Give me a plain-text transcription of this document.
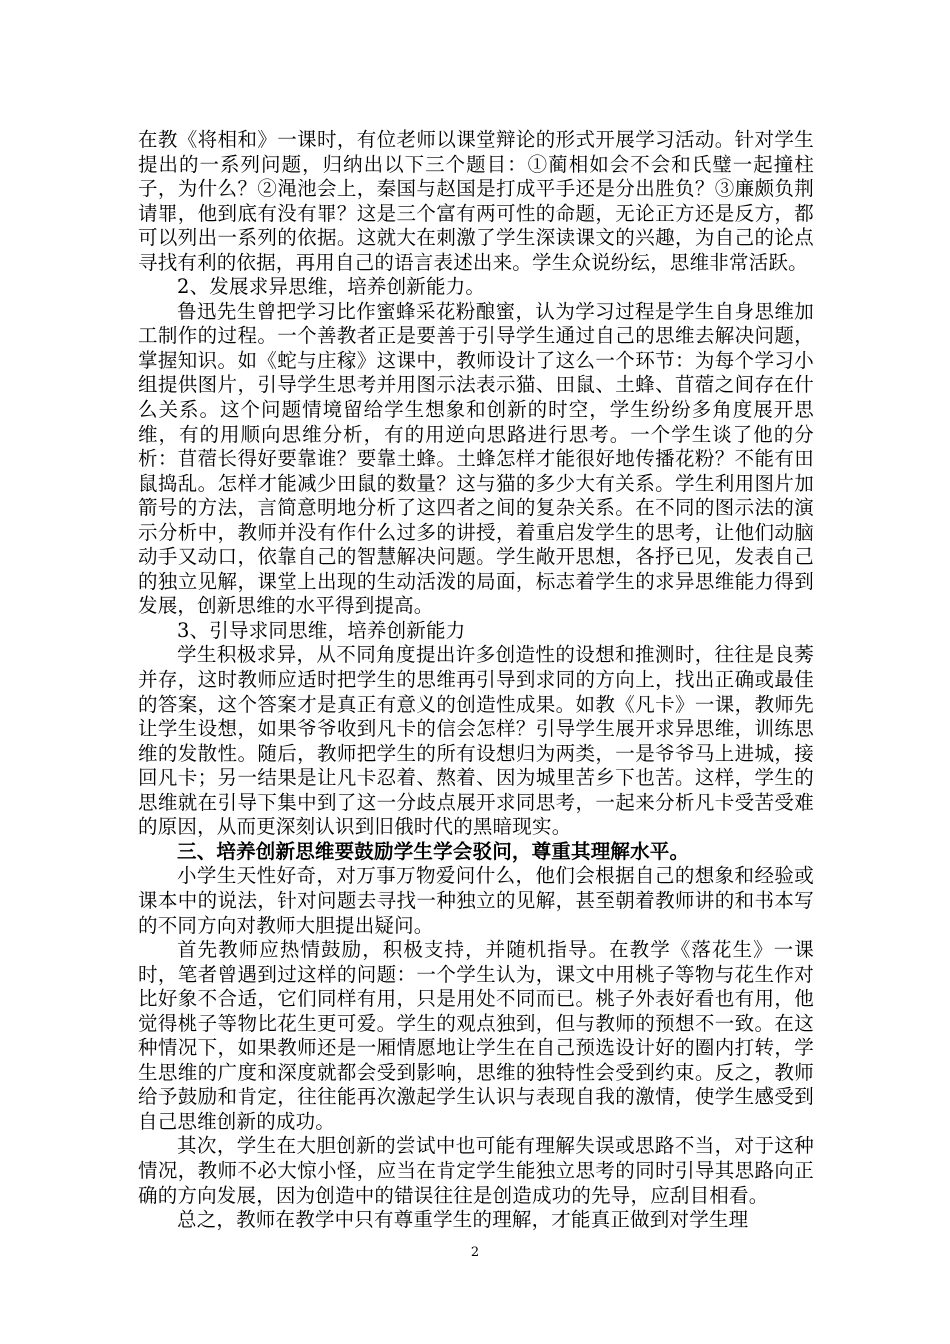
在教《将相和》一课时，有位老师以课堂辩论的形式开展学习活动。针对学生提出的一系列问题，归纳出以下三个题目：①蔺相如会不会和氏璧一起撞柱子，为什么？②渑池会上，秦国与赵国是打成平手还是分出胜负？③廉颇负荆请罪，他到底有没有罪？这是三个富有两可性的命题，无论正方还是反方，都可以列出一系列的依据。这就大在刺激了学生深读课文的兴趣，为自己的论点寻找有利的依据，再用自己的语言表述出来。学生众说纷纭，思维非常活跃。

2、发展求异思维，培养创新能力。

鲁迅先生曾把学习比作蜜蜂采花粉酿蜜，认为学习过程是学生自身思维加工制作的过程。一个善教者正是要善于引导学生通过自己的思维去解决问题，掌握知识。如《蛇与庄稼》这课中，教师设计了这么一个环节：为每个学习小组提供图片，引导学生思考并用图示法表示猫、田鼠、土蜂、苜蓿之间存在什么关系。这个问题情境留给学生想象和创新的时空，学生纷纷多角度展开思维，有的用顺向思维分析，有的用逆向思路进行思考。一个学生谈了他的分析：苜蓿长得好要靠谁？要靠土蜂。土蜂怎样才能很好地传播花粉？不能有田鼠捣乱。怎样才能减少田鼠的数量？这与猫的多少大有关系。学生利用图片加箭号的方法，言简意明地分析了这四者之间的复杂关系。在不同的图示法的演示分析中，教师并没有作什么过多的讲授，着重启发学生的思考，让他们动脑动手又动口，依靠自己的智慧解决问题。学生敞开思想，各抒已见，发表自己的独立见解，课堂上出现的生动活泼的局面，标志着学生的求异思维能力得到发展，创新思维的水平得到提高。

3、引导求同思维，培养创新能力

学生积极求异，从不同角度提出许多创造性的设想和推测时，往往是良莠并存，这时教师应适时把学生的思维再引导到求同的方向上，找出正确或最佳的答案，这个答案才是真正有意义的创造性成果。如教《凡卡》一课，教师先让学生设想，如果爷爷收到凡卡的信会怎样？引导学生展开求异思维，训练思维的发散性。随后，教师把学生的所有设想归为两类，一是爷爷马上进城，接回凡卡；另一结果是让凡卡忍着、熬着、因为城里苦乡下也苦。这样，学生的思维就在引导下集中到了这一分歧点展开求同思考，一起来分析凡卡受苦受难的原因，从而更深刻认识到旧俄时代的黑暗现实。

三、培养创新思维要鼓励学生学会驳问，尊重其理解水平。

小学生天性好奇，对万事万物爱问什么，他们会根据自己的想象和经验或课本中的说法，针对问题去寻找一种独立的见解，甚至朝着教师讲的和书本写的不同方向对教师大胆提出疑问。

首先教师应热情鼓励，积极支持，并随机指导。在教学《落花生》一课时，笔者曾遇到过这样的问题：一个学生认为，课文中用桃子等物与花生作对比好象不合适，它们同样有用，只是用处不同而已。桃子外表好看也有用，他觉得桃子等物比花生更可爱。学生的观点独到，但与教师的预想不一致。在这种情况下，如果教师还是一厢情愿地让学生在自己预选设计好的圈内打转，学生思维的广度和深度就都会受到影响，思维的独特性会受到约束。反之，教师给予鼓励和肯定，往往能再次激起学生认识与表现自我的激情，使学生感受到自己思维创新的成功。

其次，学生在大胆创新的尝试中也可能有理解失误或思路不当，对于这种情况，教师不必大惊小怪，应当在肯定学生能独立思考的同时引导其思路向正确的方向发展，因为创造中的错误往往是创造成功的先导，应刮目相看。

总之，教师在教学中只有尊重学生的理解，才能真正做到对学生理

2
